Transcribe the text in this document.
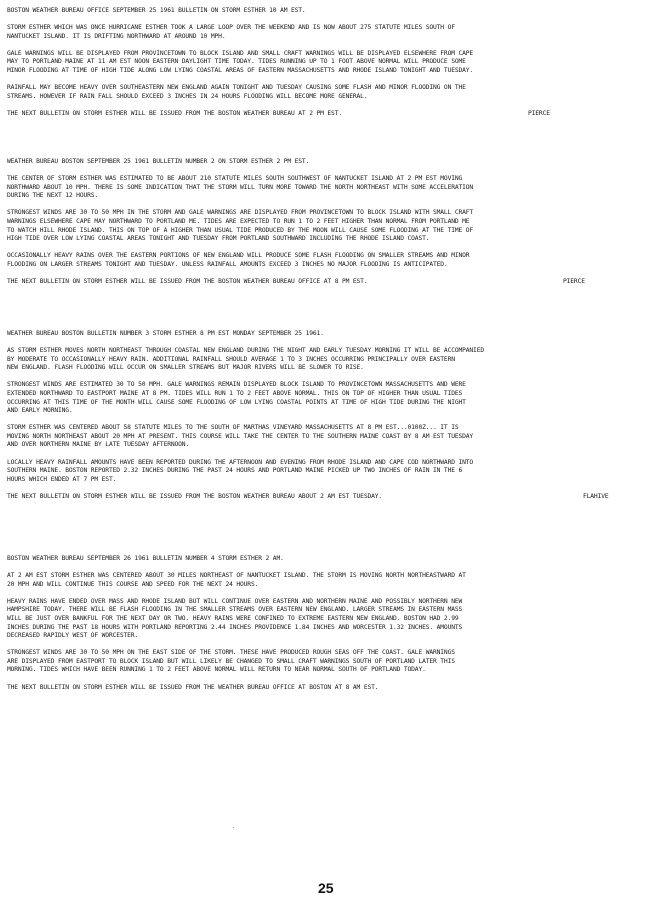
BOSTON WEATHER BUREAU OFFICE SEPTEMBER 25 1961 BULLETIN ON STORM ESTHER 10 AM EST.
STORM ESTHER WHICH WAS ONCE HURRICANE ESTHER TOOK A LARGE LOOP OVER THE WEEKEND AND IS NOW ABOUT 275 STATUTE MILES SOUTH OF
NANTUCKET ISLAND. IT IS DRIFTING NORTHWARD AT AROUND 10 MPH.
GALE WARNINGS WILL BE DISPLAYED FROM PROVINCETOWN TO BLOCK ISLAND AND SMALL CRAFT WARNINGS WILL BE DISPLAYED ELSEWHERE FROM CAPE
MAY TO PORTLAND MAINE AT 11 AM EST NOON EASTERN DAYLIGHT TIME TODAY. TIDES RUNNING UP TO 1 FOOT ABOVE NORMAL WILL PRODUCE SOME
MINOR FLOODING AT TIME OF HIGH TIDE ALONG LOW LYING COASTAL AREAS OF EASTERN MASSACHUSETTS AND RHODE ISLAND TONIGHT AND TUESDAY.
RAINFALL MAY BECOME HEAVY OVER SOUTHEASTERN NEW ENGLAND AGAIN TONIGHT AND TUESDAY CAUSING SOME FLASH AND MINOR FLOODING ON THE
STREAMS. HOWEVER IF RAIN FALL SHOULD EXCEED 3 INCHES IN 24 HOURS FLOODING WILL BECOME MORE GENERAL.
THE NEXT BULLETIN ON STORM ESTHER WILL BE ISSUED FROM THE BOSTON WEATHER BUREAU AT 2 PM EST.	PIERCE
WEATHER BUREAU BOSTON SEPTEMBER 25 1961 BULLETIN NUMBER 2 ON STORM ESTHER 2 PM EST.
THE CENTER OF STORM ESTHER WAS ESTIMATED TO BE ABOUT 210 STATUTE MILES SOUTH SOUTHWEST OF NANTUCKET ISLAND AT 2 PM EST MOVING
NORTHWARD ABOUT 10 MPH. THERE IS SOME INDICATION THAT THE STORM WILL TURN MORE TOWARD THE NORTH NORTHEAST WITH SOME ACCELERATION
DURING THE NEXT 12 HOURS.
STRONGEST WINDS ARE 30 TO 50 MPH IN THE STORM AND GALE WARNINGS ARE DISPLAYED FROM PROVINCETOWN TO BLOCK ISLAND WITH SMALL CRAFT
WARNINGS ELSEWHERE CAPE MAY NORTHWARD TO PORTLAND ME. TIDES ARE EXPECTED TO RUN 1 TO 2 FEET HIGHER THAN NORMAL FROM PORTLAND ME
TO WATCH HILL RHODE ISLAND. THIS ON TOP OF A HIGHER THAN USUAL TIDE PRODUCED BY THE MOON WILL CAUSE SOME FLOODING AT THE TIME OF
HIGH TIDE OVER LOW LYING COASTAL AREAS TONIGHT AND TUESDAY FROM PORTLAND SOUTHWARD INCLUDING THE RHODE ISLAND COAST.
OCCASIONALLY HEAVY RAINS OVER THE EASTERN PORTIONS OF NEW ENGLAND WILL PRODUCE SOME FLASH FLOODING ON SMALLER STREAMS AND MINOR
FLOODING ON LARGER STREAMS TONIGHT AND TUESDAY. UNLESS RAINFALL AMOUNTS EXCEED 3 INCHES NO MAJOR FLOODING IS ANTICIPATED.
THE NEXT BULLETIN ON STORM ESTHER WILL BE ISSUED FROM THE BOSTON WEATHER BUREAU OFFICE AT 8 PM EST.	PIERCE
WEATHER BUREAU BOSTON BULLETIN NUMBER 3 STORM ESTHER 8 PM EST MONDAY SEPTEMBER 25 1961.
AS STORM ESTHER MOVES NORTH NORTHEAST THROUGH COASTAL NEW ENGLAND DURING THE NIGHT AND EARLY TUESDAY MORNING IT WILL BE ACCOMPANIED
BY MODERATE TO OCCASIONALLY HEAVY RAIN. ADDITIONAL RAINFALL SHOULD AVERAGE 1 TO 3 INCHES OCCURRING PRINCIPALLY OVER EASTERN
NEW ENGLAND. FLASH FLOODING WILL OCCUR ON SMALLER STREAMS BUT MAJOR RIVERS WILL BE SLOWER TO RISE.
STRONGEST WINDS ARE ESTIMATED 30 TO 50 MPH. GALE WARNINGS REMAIN DISPLAYED BLOCK ISLAND TO PROVINCETOWN MASSACHUSETTS AND WERE
EXTENDED NORTHWARD TO EASTPORT MAINE AT 8 PM. TIDES WILL RUN 1 TO 2 FEET ABOVE NORMAL. THIS ON TOP OF HIGHER THAN USUAL TIDES
OCCURRING AT THIS TIME OF THE MONTH WILL CAUSE SOME FLOODING OF LOW LYING COASTAL POINTS AT TIME OF HIGH TIDE DURING THE NIGHT
AND EARLY MORNING.
STORM ESTHER WAS CENTERED ABOUT 58 STATUTE MILES TO THE SOUTH OF MARTHAS VINEYARD MASSACHUSETTS AT 8 PM EST...0100Z... IT IS
MOVING NORTH NORTHEAST ABOUT 20 MPH AT PRESENT. THIS COURSE WILL TAKE THE CENTER TO THE SOUTHERN MAINE COAST BY 8 AM EST TUESDAY
AND OVER NORTHERN MAINE BY LATE TUESDAY AFTERNOON.
LOCALLY HEAVY RAINFALL AMOUNTS HAVE BEEN REPORTED DURING THE AFTERNOON AND EVENING FROM RHODE ISLAND AND CAPE COD NORTHWARD INTO
SOUTHERN MAINE. BOSTON REPORTED 2.32 INCHES DURING THE PAST 24 HOURS AND PORTLAND MAINE PICKED UP TWO INCHES OF RAIN IN THE 6
HOURS WHICH ENDED AT 7 PM EST.
THE NEXT BULLETIN ON STORM ESTHER WILL BE ISSUED FROM THE BOSTON WEATHER BUREAU ABOUT 2 AM EST TUESDAY.	FLAHIVE
BOSTON WEATHER BUREAU SEPTEMBER 26 1961 BULLETIN NUMBER 4 STORM ESTHER 2 AM.
AT 2 AM EST STORM ESTHER WAS CENTERED ABOUT 30 MILES NORTHEAST OF NANTUCKET ISLAND. THE STORM IS MOVING NORTH NORTHEASTWARD AT
20 MPH AND WILL CONTINUE THIS COURSE AND SPEED FOR THE NEXT 24 HOURS.
HEAVY RAINS HAVE ENDED OVER MASS AND RHODE ISLAND BUT WILL CONTINUE OVER EASTERN AND NORTHERN MAINE AND POSSIBLY NORTHERN NEW
HAMPSHIRE TODAY. THERE WILL BE FLASH FLOODING IN THE SMALLER STREAMS OVER EASTERN NEW ENGLAND. LARGER STREAMS IN EASTERN MASS
WILL BE JUST OVER BANKFUL FOR THE NEXT DAY OR TWO. HEAVY RAINS WERE CONFINED TO EXTREME EASTERN NEW ENGLAND. BOSTON HAD 2.99
INCHES DURING THE PAST 18 HOURS WITH PORTLAND REPORTING 2.44 INCHES PROVIDENCE 1.84 INCHES AND WORCESTER 1.32 INCHES. AMOUNTS
DECREASED RAPIDLY WEST OF WORCESTER.
STRONGEST WINDS ARE 30 TO 50 MPH ON THE EAST SIDE OF THE STORM. THESE HAVE PRODUCED ROUGH SEAS OFF THE COAST. GALE WARNINGS
ARE DISPLAYED FROM EASTPORT TO BLOCK ISLAND BUT WILL LIKELY BE CHANGED TO SMALL CRAFT WARNINGS SOUTH OF PORTLAND LATER THIS
MORNING. TIDES WHICH HAVE BEEN RUNNING 1 TO 2 FEET ABOVE NORMAL WILL RETURN TO NEAR NORMAL SOUTH OF PORTLAND TODAY.
THE NEXT BULLETIN ON STORM ESTHER WILL BE ISSUED FROM THE WEATHER BUREAU OFFICE AT BOSTON AT 8 AM EST.
25
